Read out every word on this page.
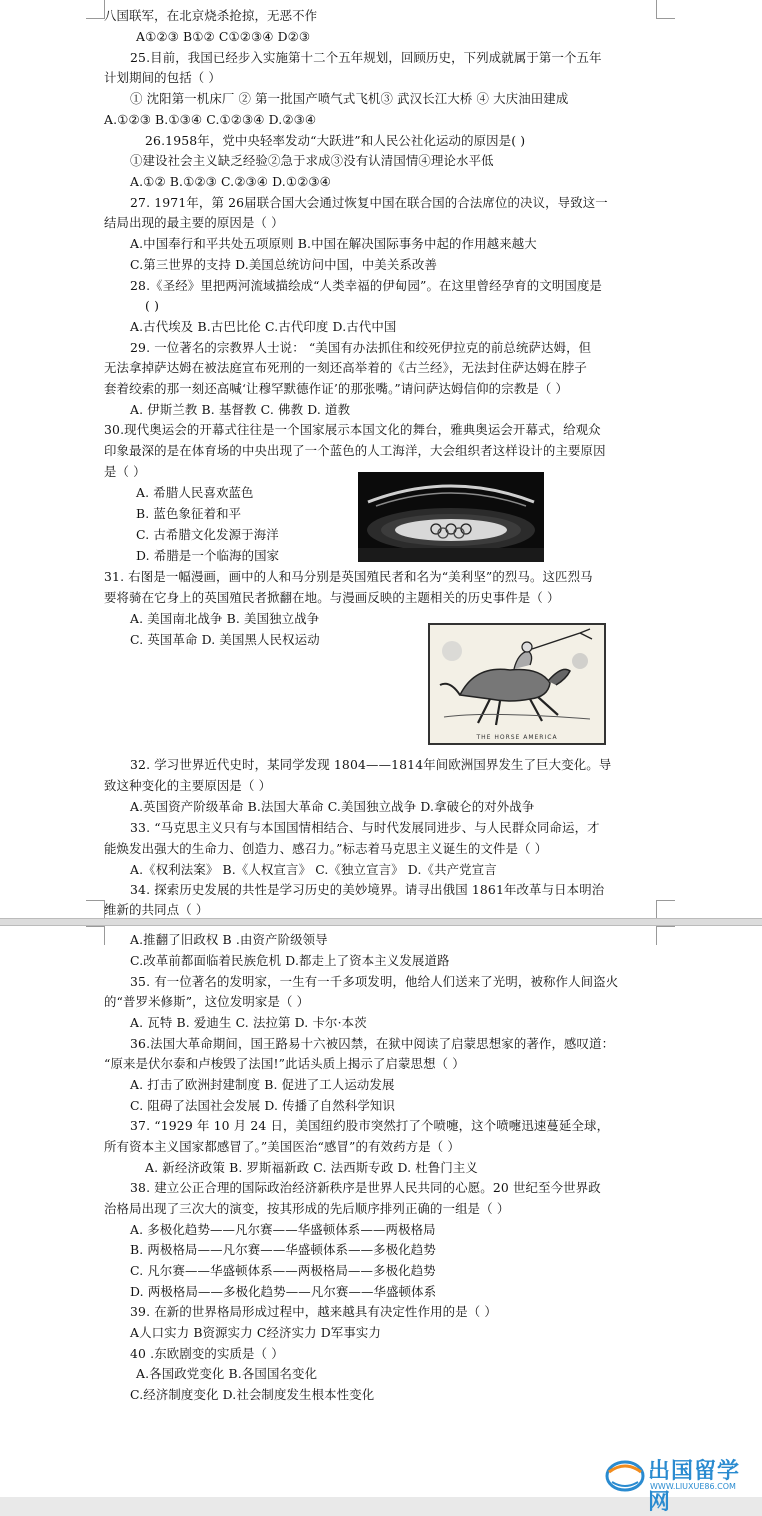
八国联军，在北京烧杀抢掠，无恶不作
A①②③ B①② C①②③④ D②③
25.目前，我国已经步入实施第十二个五年规划，回顾历史，下列成就属于第一个五年
计划期间的包括（ ）
① 沈阳第一机床厂 ② 第一批国产喷气式飞机③ 武汉长江大桥 ④ 大庆油田建成
A.①②③ B.①③④ C.①②③④ D.②③④
26.1958年，党中央轻率发动“大跃进”和人民公社化运动的原因是( )
①建设社会主义缺乏经验②急于求成③没有认清国情④理论水平低
A.①② B.①②③ C.②③④ D.①②③④
27. 1971年，第 26届联合国大会通过恢复中国在联合国的合法席位的决议，导致这一
结局出现的最主要的原因是（ ）
A.中国奉行和平共处五项原则 B.中国在解决国际事务中起的作用越来越大
C.第三世界的支持 D.美国总统访问中国，中美关系改善
28.《圣经》里把两河流域描绘成“人类幸福的伊甸园”。在这里曾经孕育的文明国度是
( )
A.古代埃及 B.古巴比伦 C.古代印度 D.古代中国
29. 一位著名的宗教界人士说： “美国有办法抓住和绞死伊拉克的前总统萨达姆，但
无法拿掉萨达姆在被法庭宣布死刑的一刻还高举着的《古兰经》，无法封住萨达姆在脖子
套着绞索的那一刻还高喊‘让穆罕默德作证’的那张嘴。”请问萨达姆信仰的宗教是（ ）
A. 伊斯兰教 B. 基督教 C. 佛教 D. 道教
30.现代奥运会的开幕式往往是一个国家展示本国文化的舞台，雅典奥运会开幕式，给观众
印象最深的是在体育场的中央出现了一个蓝色的人工海洋，大会组织者这样设计的主要原因
是（ ）
A. 希腊人民喜欢蓝色
B. 蓝色象征着和平
C. 古希腊文化发源于海洋
D. 希腊是一个临海的国家
31. 右图是一幅漫画，画中的人和马分别是英国殖民者和名为“美利坚”的烈马。这匹烈马
要将骑在它身上的英国殖民者掀翻在地。与漫画反映的主题相关的历史事件是（ ）
A. 美国南北战争 B. 美国独立战争
C. 英国革命 D. 美国黑人民权运动
THE HORSE AMERICA
32. 学习世界近代史时，某同学发现 1804——1814年间欧洲国界发生了巨大变化。导
致这种变化的主要原因是（ ）
A.英国资产阶级革命 B.法国大革命 C.美国独立战争 D.拿破仑的对外战争
33. “马克思主义只有与本国国情相结合、与时代发展同进步、与人民群众同命运，才
能焕发出强大的生命力、创造力、感召力。”标志着马克思主义诞生的文件是（ ）
A.《权利法案》 B.《人权宣言》 C.《独立宣言》 D.《共产党宣言
34. 探索历史发展的共性是学习历史的美妙境界。请寻出俄国 1861年改革与日本明治
维新的共同点（ ）
A.推翻了旧政权 B .由资产阶级领导
C.改革前都面临着民族危机 D.都走上了资本主义发展道路
35. 有一位著名的发明家，一生有一千多项发明，他给人们送来了光明，被称作人间盗火
的“普罗米修斯”，这位发明家是（ ）
A. 瓦特 B. 爱迪生 C. 法拉第 D. 卡尔·本茨
36.法国大革命期间，国王路易十六被囚禁，在狱中阅读了启蒙思想家的著作，感叹道：
“原来是伏尔泰和卢梭毁了法国!”此话头质上揭示了启蒙思想（ ）
A. 打击了欧洲封建制度 B. 促进了工人运动发展
C. 阻碍了法国社会发展 D. 传播了自然科学知识
37. “1929 年 10 月 24 日，美国纽约股市突然打了个喷嚏，这个喷嚏迅速蔓延全球，
所有资本主义国家都感冒了。”美国医治“感冒”的有效药方是（ ）
A. 新经济政策 B. 罗斯福新政 C. 法西斯专政 D. 杜鲁门主义
38. 建立公正合理的国际政治经济新秩序是世界人民共同的心愿。20 世纪至今世界政
治格局出现了三次大的演变，按其形成的先后顺序排列正确的一组是（ ）
A. 多极化趋势——凡尔赛——华盛顿体系——两极格局
B. 两极格局——凡尔赛——华盛顿体系——多极化趋势
C. 凡尔赛——华盛顿体系——两极格局——多极化趋势
D. 两极格局——多极化趋势——凡尔赛——华盛顿体系
39. 在新的世界格局形成过程中，越来越具有决定性作用的是（ ）
A人口实力 B资源实力 C经济实力 D军事实力
40 .东欧剧变的实质是（ ）
A.各国政党变化 B.各国国名变化
C.经济制度变化 D.社会制度发生根本性变化
出国留学网
WWW.LIUXUE86.COM
